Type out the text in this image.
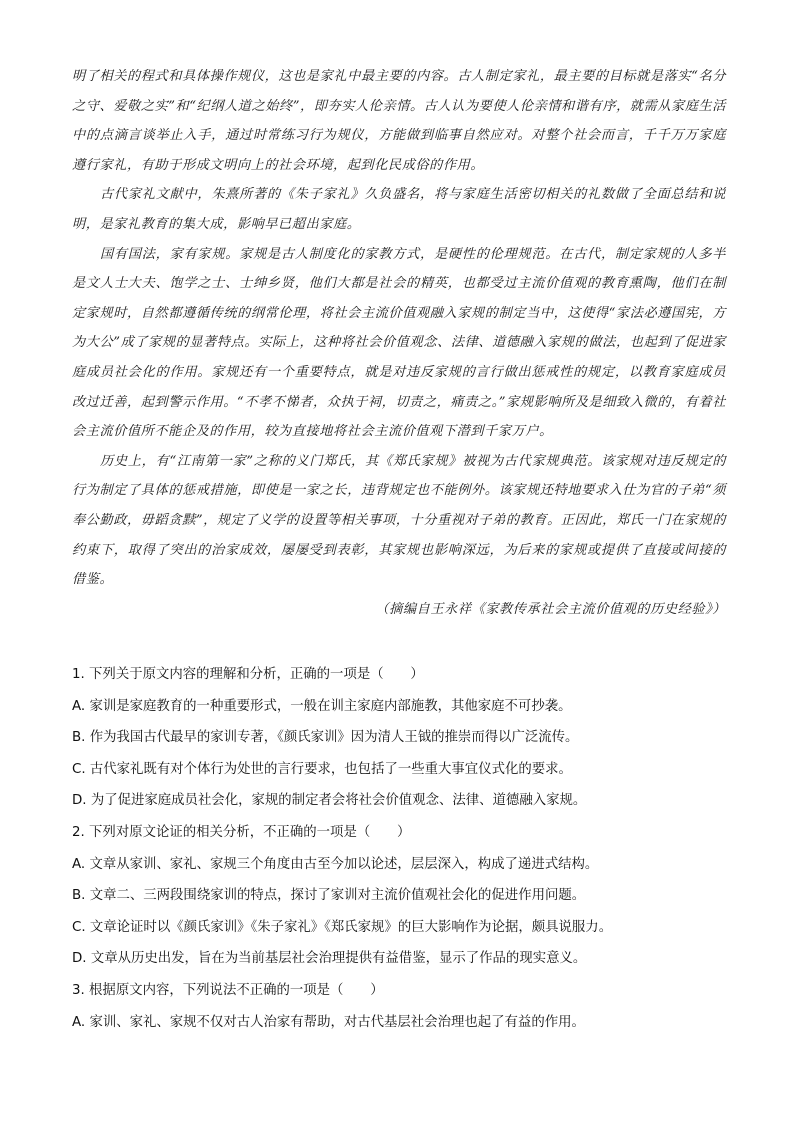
明了相关的程式和具体操作规仪，这也是家礼中最主要的内容。古人制定家礼，最主要的目标就是落实“名分之守、爱敬之实”和“纪纲人道之始终”，即夯实人伦亲情。古人认为要使人伦亲情和谐有序，就需从家庭生活中的点滴言谈举止入手，通过时常练习行为规仪，方能做到临事自然应对。对整个社会而言，千千万万家庭遵行家礼，有助于形成文明向上的社会环境，起到化民成俗的作用。

古代家礼文献中，朱熹所著的《朱子家礼》久负盛名，将与家庭生活密切相关的礼数做了全面总结和说明，是家礼教育的集大成，影响早已超出家庭。

国有国法，家有家规。家规是古人制度化的家教方式，是硬性的伦理规范。在古代，制定家规的人多半是文人士大夫、饱学之士、士绅乡贤，他们大都是社会的精英，也都受过主流价值观的教育熏陶，他们在制定家规时，自然都遵循传统的纲常伦理，将社会主流价值观融入家规的制定当中，这使得“家法必遵国宪，方为大公”成了家规的显著特点。实际上，这种将社会价值观念、法律、道德融入家规的做法，也起到了促进家庭成员社会化的作用。家规还有一个重要特点，就是对违反家规的言行做出惩戒性的规定，以教育家庭成员改过迁善，起到警示作用。“不孝不悌者，众执于祠，切责之，痛责之。”家规影响所及是细致入微的，有着社会主流价值所不能企及的作用，较为直接地将社会主流价值观下潜到千家万户。

历史上，有“江南第一家”之称的义门郑氏，其《郑氏家规》被视为古代家规典范。该家规对违反规定的行为制定了具体的惩戒措施，即使是一家之长，违背规定也不能例外。该家规还特地要求入仕为官的子弟“须奉公勤政，毋蹈贪黩”，规定了义学的设置等相关事项，十分重视对子弟的教育。正因此，郑氏一门在家规的约束下，取得了突出的治家成效，屡屡受到表彰，其家规也影响深远，为后来的家规或提供了直接或间接的借鉴。

（摘编自王永祥《家教传承社会主流价值观的历史经验》）

1. 下列关于原文内容的理解和分析，正确的一项是（　　）

A. 家训是家庭教育的一种重要形式，一般在训主家庭内部施教，其他家庭不可抄袭。

B. 作为我国古代最早的家训专著，《颜氏家训》因为清人王钺的推崇而得以广泛流传。

C. 古代家礼既有对个体行为处世的言行要求，也包括了一些重大事宜仪式化的要求。

D. 为了促进家庭成员社会化，家规的制定者会将社会价值观念、法律、道德融入家规。

2. 下列对原文论证的相关分析，不正确的一项是（　　）

A. 文章从家训、家礼、家规三个角度由古至今加以论述，层层深入，构成了递进式结构。

B. 文章二、三两段围绕家训的特点，探讨了家训对主流价值观社会化的促进作用问题。

C. 文章论证时以《颜氏家训》《朱子家礼》《郑氏家规》的巨大影响作为论据，颇具说服力。

D. 文章从历史出发，旨在为当前基层社会治理提供有益借鉴，显示了作品的现实意义。

3. 根据原文内容，下列说法不正确的一项是（　　）

A. 家训、家礼、家规不仅对古人治家有帮助，对古代基层社会治理也起了有益的作用。
